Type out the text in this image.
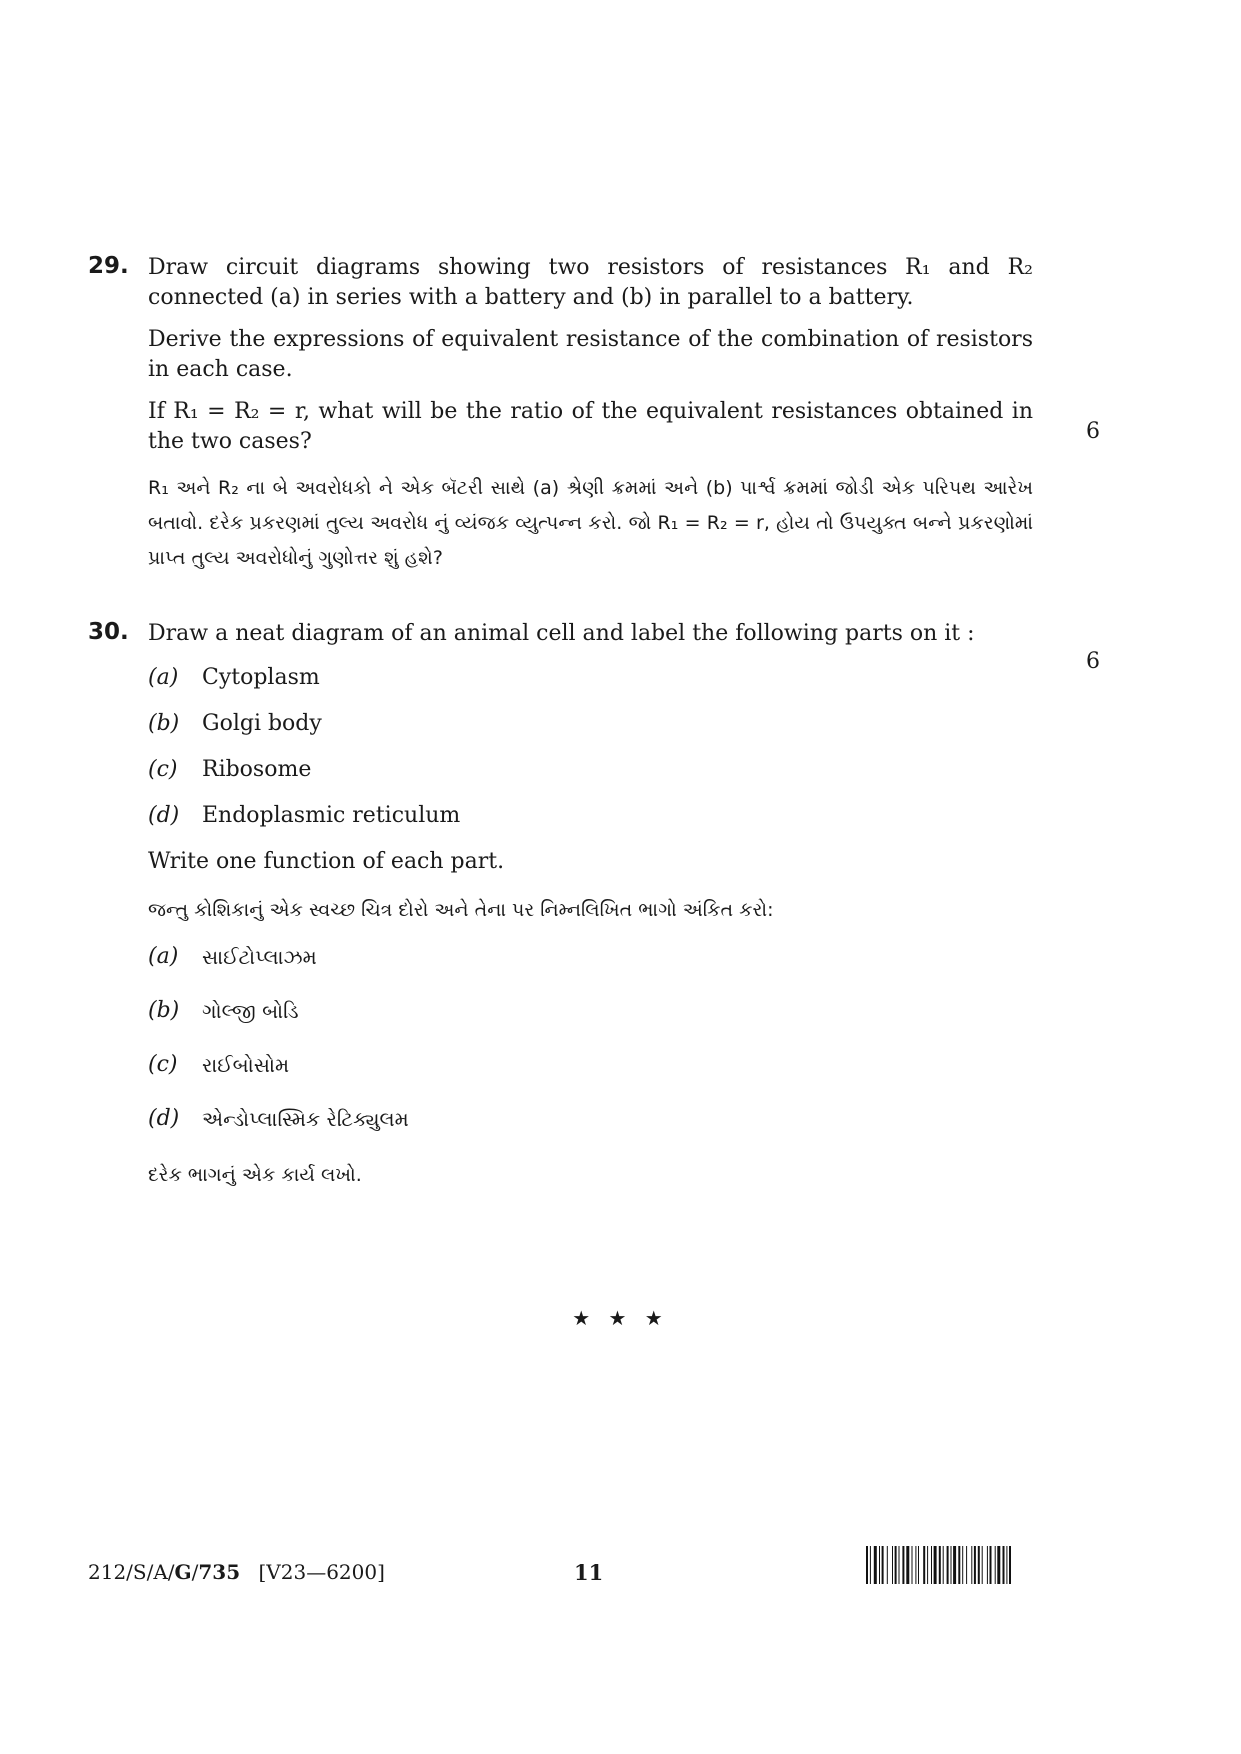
29. Draw circuit diagrams showing two resistors of resistances R₁ and R₂ connected (a) in series with a battery and (b) in parallel to a battery.

Derive the expressions of equivalent resistance of the combination of resistors in each case.

If R₁ = R₂ = r, what will be the ratio of the equivalent resistances obtained in the two cases?

R₁ અને R₂ ના બે અવરોધકો ને એક બૅટરી સાથે (a) શ્રેણી ક્રમમાં અને (b) પાર્શ્વ ક્રમમાં જોડી એક પરિપથ આરેખ બતાવો. દરેક પ્રકરણમાં તુલ્ય અવરોધ નું વ્યંજક વ્યુત્પન્ન કરો. જો R₁ = R₂ = r, હોય તો ઉપયુક્ત બન્ને પ્રકરણોમાં પ્રાપ્ત તુલ્ય અવરોધોનું ગુણોત્તર શું હશે?

6
30. Draw a neat diagram of an animal cell and label the following parts on it :

(a) Cytoplasm
(b) Golgi body
(c) Ribosome
(d) Endoplasmic reticulum

Write one function of each part.

જન્તુ કોશિકાનું એક સ્વચ્છ ચિત્ર દોરો અને તેના પર નિમ્નલિખિત ભાગો અંકિત કરો:

(a) સાઈટોપ્લાઝમ
(b) ગોલ્જી બોડિ
(c) રાઈબોસોમ
(d) એન્ડોપ્લાસ્મિક રેટિક્યુલમ

દરેક ભાગનું એક કાર્ય લખો.

6
★ ★ ★
212/S/A/G/735 [V23—6200]	11
